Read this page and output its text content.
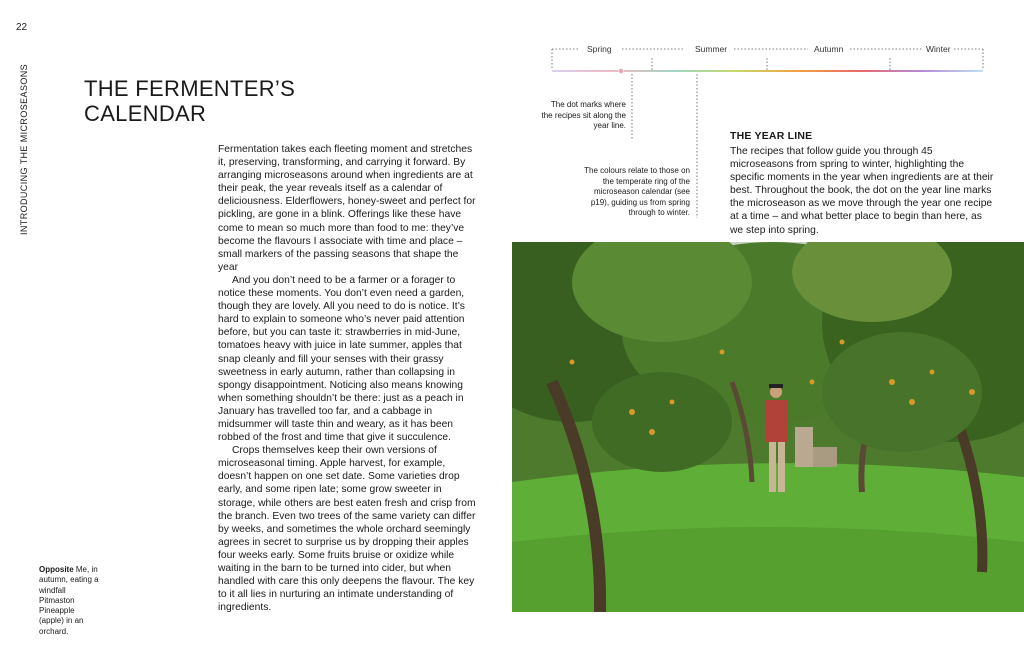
22
INTRODUCING THE MICROSEASONS	THE FERMENTER’S
CALENDAR

Fermentation takes each fleeting moment and stretches it, preserving, transforming, and carrying it forward. By arranging microseasons around when ingredients are at their peak, the year reveals itself as a calendar of deliciousness. Elderflowers, honey-sweet and perfect for pickling, are gone in a blink. Offerings like these have come to mean so much more than food to me: they’ve become the flavours I associate with time and place – small markers of the passing seasons that shape the year

And you don’t need to be a farmer or a forager to notice these moments. You don’t even need a garden, though they are lovely. All you need to do is notice. It’s hard to explain to someone who’s never paid attention before, but you can taste it: strawberries in mid-June, tomatoes heavy with juice in late summer, apples that snap cleanly and fill your senses with their grassy sweetness in early autumn, rather than collapsing in spongy disappointment. Noticing also means knowing when something shouldn’t be there: just as a peach in January has travelled too far, and a cabbage in midsummer will taste thin and weary, as it has been robbed of the frost and time that give it succulence.

Crops themselves keep their own versions of microseasonal timing. Apple harvest, for example, doesn’t happen on one set date. Some varieties drop early, and some ripen late; some grow sweeter in storage, while others are best eaten fresh and crisp from the branch. Even two trees of the same variety can differ by weeks, and sometimes the whole orchard seemingly agrees in secret to surprise us by dropping their apples four weeks early. Some fruits bruise or oxidize while waiting in the barn to be turned into cider, but when handled with care this only deepens the flavour. The key to it all lies in nurturing an intimate understanding of ingredients.

Opposite Me, in autumn, eating a windfall Pitmaston Pineapple (apple) in an orchard.
Spring	Summer	Autumn	Winter
The dot marks where the recipes sit along the year line.
The colours relate to those on the temperate ring of the microseason calendar (see p19), guiding us from spring through to winter.
THE YEAR LINE
The recipes that follow guide you through 45 microseasons from spring to winter, highlighting the specific moments in the year when ingredients are at their best. Throughout the book, the dot on the year line marks the microseason as we move through the year one recipe at a time – and what better place to begin than here, as we step into spring.
